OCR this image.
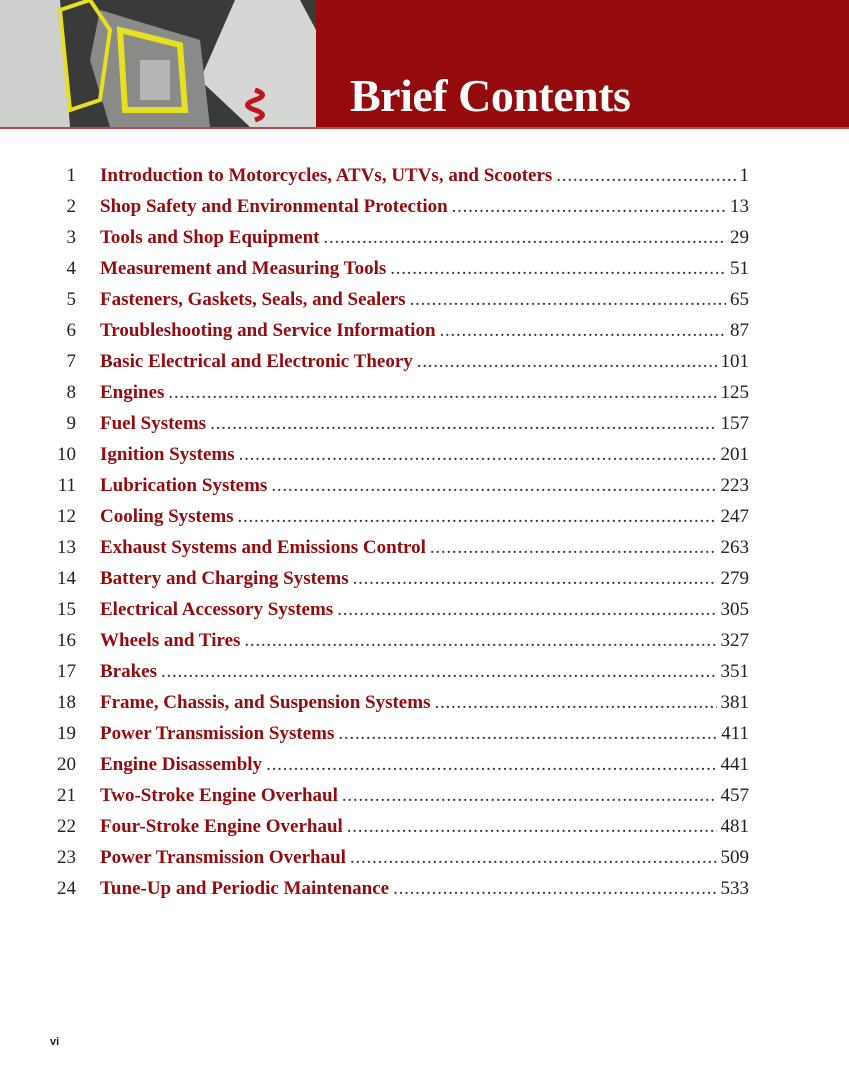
Brief Contents
1 Introduction to Motorcycles, ATVs, UTVs, and Scooters . . .	1
2 Shop Safety and Environmental Protection . . .	13
3 Tools and Shop Equipment . . .	29
4 Measurement and Measuring Tools . . .	51
5 Fasteners, Gaskets, Seals, and Sealers . . .	65
6 Troubleshooting and Service Information . . .	87
7 Basic Electrical and Electronic Theory . . .	101
8 Engines . . .	125
9 Fuel Systems . . .	157
10 Ignition Systems . . .	201
11 Lubrication Systems . . .	223
12 Cooling Systems . . .	247
13 Exhaust Systems and Emissions Control . . .	263
14 Battery and Charging Systems . . .	279
15 Electrical Accessory Systems . . .	305
16 Wheels and Tires . . .	327
17 Brakes . . .	351
18 Frame, Chassis, and Suspension Systems . . .	381
19 Power Transmission Systems . . .	411
20 Engine Disassembly . . .	441
21 Two-Stroke Engine Overhaul . . .	457
22 Four-Stroke Engine Overhaul . . .	481
23 Power Transmission Overhaul . . .	509
24 Tune-Up and Periodic Maintenance . . .	533
vi
